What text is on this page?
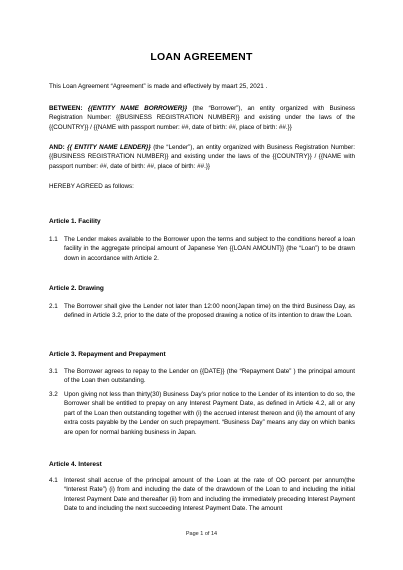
LOAN AGREEMENT
This Loan Agreement “Agreement” is made and effectively by maart 25, 2021 .
BETWEEN: {{ENTITY NAME BORROWER}} (the “Borrower”), an entity organized with Business Registration Number: {{BUSINESS REGISTRATION NUMBER}} and existing under the laws of the {{COUNTRY}} / {{NAME with passport number: ##, date of birth: ##, place of birth: ##.}}
AND: {{ ENTITY NAME LENDER}} (the “Lender”), an entity organized with Business Registration Number: {{BUSINESS REGISTRATION NUMBER}} and existing under the laws of the {{COUNTRY}} / {{NAME with passport number: ##, date of birth: ##, place of birth: ##.}}
HEREBY AGREED as follows:
Article 1. Facility
1.1 The Lender makes available to the Borrower upon the terms and subject to the conditions hereof a loan facility in the aggregate principal amount of Japanese Yen {{LOAN AMOUNT}} (the “Loan”) to be drawn down in accordance with Article 2.
Article 2. Drawing
2.1 The Borrower shall give the Lender not later than 12:00 noon(Japan time) on the third Business Day, as defined in Article 3.2, prior to the date of the proposed drawing a notice of its intention to draw the Loan.
Article 3. Repayment and Prepayment
3.1 The Borrower agrees to repay to the Lender on {{DATE}} (the “Repayment Date” ) the principal amount of the Loan then outstanding.
3.2 Upon giving not less than thirty(30) Business Day’s prior notice to the Lender of its intention to do so, the Borrower shall be entitled to prepay on any Interest Payment Date, as defined in Article 4.2, all or any part of the Loan then outstanding together with (i) the accrued interest thereon and (ii) the amount of any extra costs payable by the Lender on such prepayment. “Business Day” means any day on which banks are open for normal banking business in Japan.
Article 4. Interest
4.1 Interest shall accrue of the principal amount of the Loan at the rate of OO percent per annum(the “Interest Rate”) (i) from and including the date of the drawdown of the Loan to and including the initial Interest Payment Date and thereafter (ii) from and including the immediately preceding Interest Payment Date to and including the next succeeding Interest Payment Date. The amount
Page 1 of 14
